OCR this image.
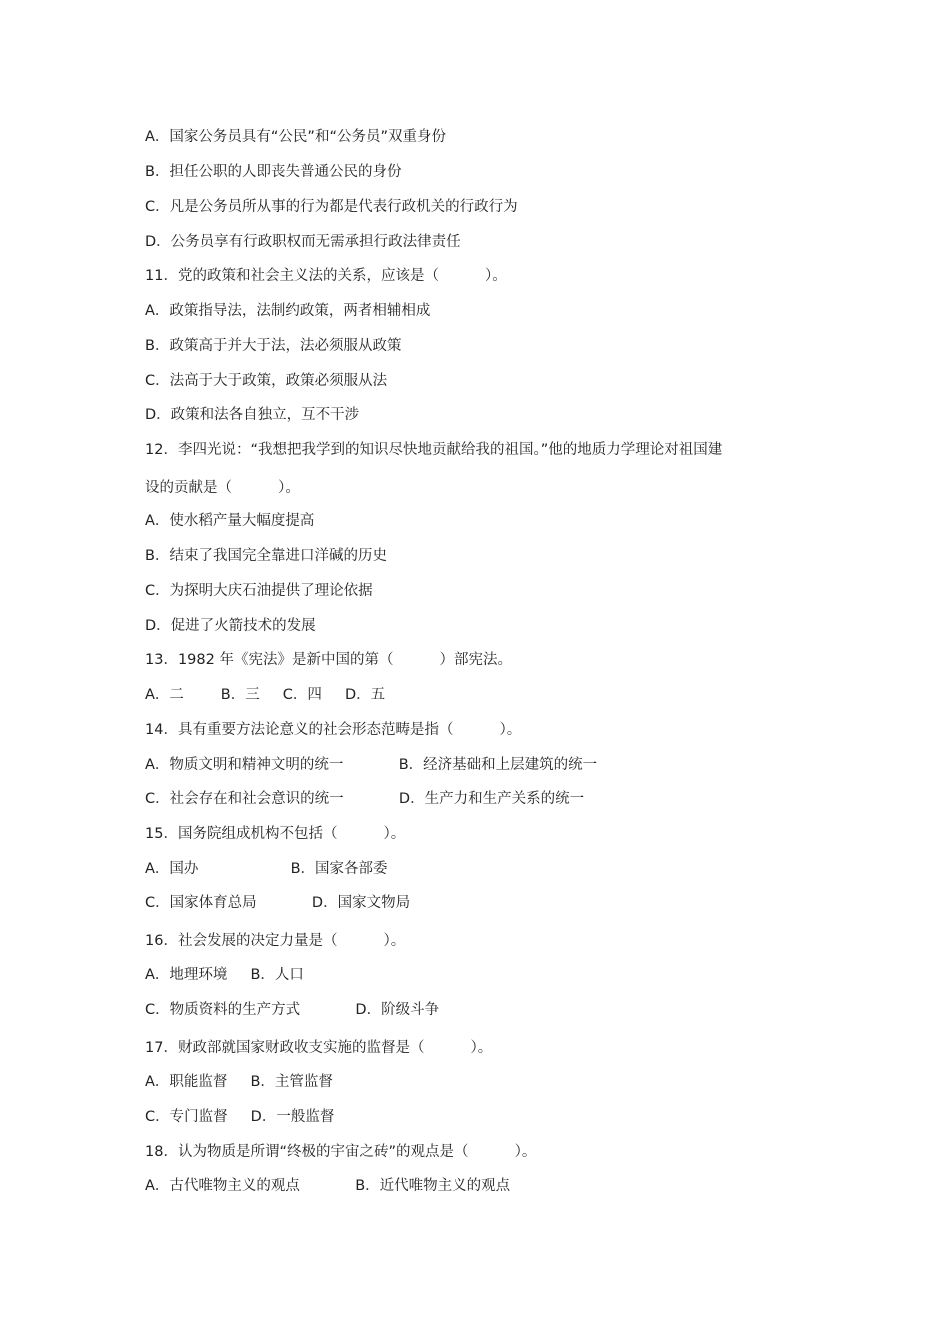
A．国家公务员具有“公民”和“公务员”双重身份
B．担任公职的人即丧失普通公民的身份
C．凡是公务员所从事的行为都是代表行政机关的行政行为
D．公务员享有行政职权而无需承担行政法律责任
11．党的政策和社会主义法的关系，应该是（          ）。
A．政策指导法，法制约政策，两者相辅相成
B．政策高于并大于法，法必须服从政策
C．法高于大于政策，政策必须服从法
D．政策和法各自独立，互不干涉
12．李四光说：“我想把我学到的知识尽快地贡献给我的祖国。”他的地质力学理论对祖国建
设的贡献是（          ）。
A．使水稻产量大幅度提高
B．结束了我国完全靠进口洋碱的历史
C．为探明大庆石油提供了理论依据
D．促进了火箭技术的发展
13．1982 年《宪法》是新中国的第（          ）部宪法。
A．二        B．三     C．四     D．五
14．具有重要方法论意义的社会形态范畴是指（          ）。
A．物质文明和精神文明的统一            B．经济基础和上层建筑的统一
C．社会存在和社会意识的统一            D．生产力和生产关系的统一
15．国务院组成机构不包括（          ）。
A．国办                    B．国家各部委
C．国家体育总局            D．国家文物局
16．社会发展的决定力量是（          ）。
A．地理环境     B．人口
C．物质资料的生产方式            D．阶级斗争
17．财政部就国家财政收支实施的监督是（          ）。
A．职能监督     B．主管监督
C．专门监督     D．一般监督
18．认为物质是所谓“终极的宇宙之砖”的观点是（          ）。
A．古代唯物主义的观点            B．近代唯物主义的观点
